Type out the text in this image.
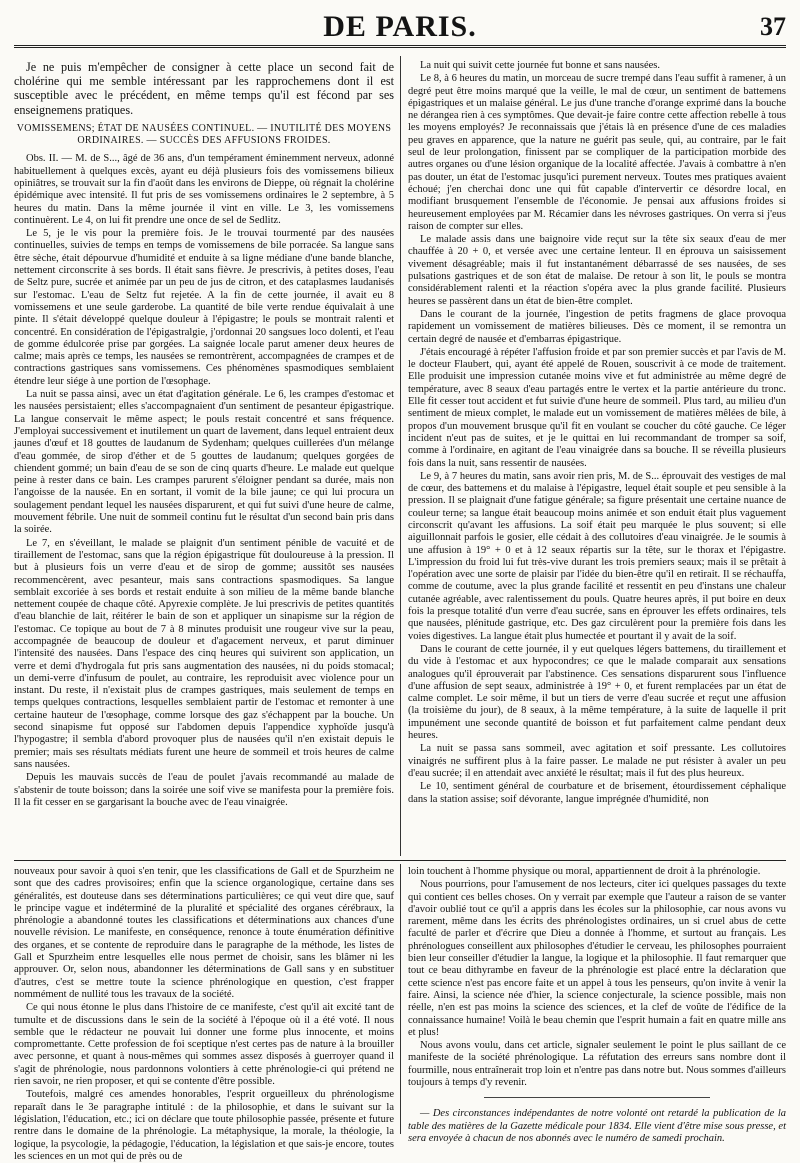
DE PARIS.	37

Je ne puis m'empêcher de consigner à cette place un second fait de cholérine qui me semble intéressant par les rapprochemens dont il est susceptible avec le précédent, en même temps qu'il est fécond par ses enseignemens pratiques.

VOMISSEMENS; ÉTAT DE NAUSÉES CONTINUEL. — INUTILITÉ DES MOYENS ORDINAIRES. — SUCCÈS DES AFFUSIONS FROIDES.

Obs. II. — M. de S..., âgé de 36 ans, d'un tempérament éminemment nerveux, adonné habituellement à quelques excès, ayant eu déjà plusieurs fois des vomissemens bilieux opiniâtres, se trouvait sur la fin d'août dans les environs de Dieppe, où régnait la cholérine épidémique avec intensité. Il fut pris de ses vomissemens ordinaires le 2 septembre, à 5 heures du matin. Dans la même journée il vint en ville. Le 3, les vomissemens continuèrent. Le 4, on lui fit prendre une once de sel de Sedlitz.

Le 5, je le vis pour la première fois. Je le trouvai tourmenté par des nausées continuelles, suivies de temps en temps de vomissemens de bile porracée. Sa langue sans être sèche, était dépourvue d'humidité et enduite à sa ligne médiane d'une bande blanche, nettement circonscrite à ses bords. Il était sans fièvre. Je prescrivis, à petites doses, l'eau de Seltz pure, sucrée et animée par un peu de jus de citron, et des cataplasmes laudanisés sur l'estomac. L'eau de Seltz fut rejetée. A la fin de cette journée, il avait eu 8 vomissemens et une seule garderobe. La quantité de bile verte rendue équivalait à une pinte. Il s'était développé quelque douleur à l'épigastre; le pouls se montrait ralenti et concentré. En considération de l'épigastralgie, j'ordonnai 20 sangsues loco dolenti, et l'eau de gomme édulcorée prise par gorgées. La saignée locale parut amener deux heures de calme; mais après ce temps, les nausées se remontrèrent, accompagnées de crampes et de contractions gastriques sans vomissemens. Ces phénomènes spasmodiques semblaient étendre leur siége à une portion de l'œsophage.

La nuit se passa ainsi, avec un état d'agitation générale. Le 6, les crampes d'estomac et les nausées persistaient; elles s'accompagnaient d'un sentiment de pesanteur épigastrique. La langue conservait le même aspect; le pouls restait concentré et sans fréquence. J'employai successivement et inutilement un quart de lavement, dans lequel entraient deux jaunes d'œuf et 18 gouttes de laudanum de Sydenham; quelques cuillerées d'un mélange d'eau gommée, de sirop d'éther et de 5 gouttes de laudanum; quelques gorgées de chiendent gommé; un bain d'eau de se son de cinq quarts d'heure. Le malade eut quelque peine à rester dans ce bain. Les crampes parurent s'éloigner pendant sa durée, mais non l'angoisse de la nausée. En en sortant, il vomit de la bile jaune; ce qui lui procura un soulagement pendant lequel les nausées disparurent, et qui fut suivi d'une heure de calme, mouvement fébrile. Une nuit de sommeil continu fut le résultat d'un second bain pris dans la soirée.

Le 7, en s'éveillant, le malade se plaignit d'un sentiment pénible de vacuité et de tiraillement de l'estomac, sans que la région épigastrique fût douloureuse à la pression. Il but à plusieurs fois un verre d'eau et de sirop de gomme; aussitôt ses nausées recommencèrent, avec pesanteur, mais sans contractions spasmodiques. Sa langue semblait excoriée à ses bords et restait enduite à son milieu de la même bande blanche nettement coupée de chaque côté. Apyrexie complète. Je lui prescrivis de petites quantités d'eau blanchie de lait, réitérer le bain de son et appliquer un sinapisme sur la région de l'estomac. Ce topique au bout de 7 à 8 minutes produisit une rougeur vive sur la peau, accompagnée de beaucoup de douleur et d'agacement nerveux, et parut diminuer l'intensité des nausées. Dans l'espace des cinq heures qui suivirent son application, un verre et demi d'hydrogala fut pris sans augmentation des nausées, ni du poids stomacal; un demi-verre d'infusum de poulet, au contraire, les reproduisit avec violence pour un instant. Du reste, il n'existait plus de crampes gastriques, mais seulement de temps en temps quelques contractions, lesquelles semblaient partir de l'estomac et remonter à une certaine hauteur de l'œsophage, comme lorsque des gaz s'échappent par la bouche. Un second sinapisme fut opposé sur l'abdomen depuis l'appendice xyphoïde jusqu'à l'hypogastre; il sembla d'abord provoquer plus de nausées qu'il n'en existait depuis le premier; mais ses résultats médiats furent une heure de sommeil et trois heures de calme sans nausées.

Depuis les mauvais succès de l'eau de poulet j'avais recommandé au malade de s'abstenir de toute boisson; dans la soirée une soif vive se manifesta pour la première fois. Il la fit cesser en se gargarisant la bouche avec de l'eau vinaigrée.

La nuit qui suivit cette journée fut bonne et sans nausées.

Le 8, à 6 heures du matin, un morceau de sucre trempé dans l'eau suffit à ramener, à un degré peut être moins marqué que la veille, le mal de cœur, un sentiment de battemens épigastriques et un malaise général. Le jus d'une tranche d'orange exprimé dans la bouche ne dérangea rien à ces symptômes. Que devait-je faire contre cette affection rebelle à tous les moyens employés? Je reconnaissais que j'étais là en présence d'une de ces maladies peu graves en apparence, que la nature ne guérit pas seule, qui, au contraire, par le fait seul de leur prolongation, finissent par se compliquer de la participation morbide des autres organes ou d'une lésion organique de la localité affectée. J'avais à combattre à n'en pas douter, un état de l'estomac jusqu'ici purement nerveux. Toutes mes pratiques avaient échoué; j'en cherchai donc une qui fût capable d'intervertir ce désordre local, en modifiant brusquement l'ensemble de l'économie. Je pensai aux affusions froides si heureusement employées par M. Récamier dans les névroses gastriques. On verra si j'eus raison de compter sur elles.

Le malade assis dans une baignoire vide reçut sur la tête six seaux d'eau de mer chauffée à 20 + 0, et versée avec une certaine lenteur. Il en éprouva un saisissement vivement désagréable; mais il fut instantanément débarrassé de ses nausées, de ses pulsations gastriques et de son état de malaise. De retour à son lit, le pouls se montra considérablement ralenti et la réaction s'opéra avec la plus grande facilité. Plusieurs heures se passèrent dans un état de bien-être complet.

Dans le courant de la journée, l'ingestion de petits fragmens de glace provoqua rapidement un vomissement de matières bilieuses. Dès ce moment, il se remontra un certain degré de nausée et d'embarras épigastrique.

J'étais encouragé à répéter l'affusion froide et par son premier succès et par l'avis de M. le docteur Flaubert, qui, ayant été appelé de Rouen, souscrivit à ce mode de traitement. Elle produisit une impression cutanée moins vive et fut administrée au même degré de température, avec 8 seaux d'eau partagés entre le vertex et la partie antérieure du tronc. Elle fit cesser tout accident et fut suivie d'une heure de sommeil. Plus tard, au milieu d'un sentiment de mieux complet, le malade eut un vomissement de matières mêlées de bile, à propos d'un mouvement brusque qu'il fit en voulant se coucher du côté gauche. Ce léger incident n'eut pas de suites, et je le quittai en lui recommandant de tromper sa soif, comme à l'ordinaire, en agitant de l'eau vinaigrée dans sa bouche. Il se réveilla plusieurs fois dans la nuit, sans ressentir de nausées.

Le 9, à 7 heures du matin, sans avoir rien pris, M. de S... éprouvait des vestiges de mal de cœur, des battemens et du malaise à l'épigastre, lequel était souple et peu sensible à la pression. Il se plaignait d'une fatigue générale; sa figure présentait une certaine nuance de couleur terne; sa langue était beaucoup moins animée et son enduit était plus vaguement circonscrit qu'avant les affusions. La soif était peu marquée le plus souvent; si elle aiguillonnait parfois le gosier, elle cédait à des collutoires d'eau vinaigrée. Je le soumis à une affusion à 19° + 0 et à 12 seaux répartis sur la tête, sur le thorax et l'épigastre. L'impression du froid lui fut très-vive durant les trois premiers seaux; mais il se prêtait à l'opération avec une sorte de plaisir par l'idée du bien-être qu'il en retirait. Il se réchauffa, comme de coutume, avec la plus grande facilité et ressentit en peu d'instans une chaleur cutanée agréable, avec ralentissement du pouls. Quatre heures après, il put boire en deux fois la presque totalité d'un verre d'eau sucrée, sans en éprouver les effets ordinaires, tels que nausées, plénitude gastrique, etc. Des gaz circulèrent pour la première fois dans les voies digestives. La langue était plus humectée et pourtant il y avait de la soif.

Dans le courant de cette journée, il y eut quelques légers battemens, du tiraillement et du vide à l'estomac et aux hypocondres; ce que le malade comparait aux sensations analogues qu'il éprouverait par l'abstinence. Ces sensations disparurent sous l'influence d'une affusion de sept seaux, administrée à 19° + 0, et furent remplacées par un état de calme complet. Le soir même, il but un tiers de verre d'eau sucrée et reçut une affusion (la troisième du jour), de 8 seaux, à la même température, à la suite de laquelle il prit impunément une seconde quantité de boisson et fut parfaitement calme pendant deux heures.

La nuit se passa sans sommeil, avec agitation et soif pressante. Les collutoires vinaigrés ne suffirent plus à la faire passer. Le malade ne put résister à avaler un peu d'eau sucrée; il en attendait avec anxiété le résultat; mais il fut des plus heureux.

Le 10, sentiment général de courbature et de brisement, étourdissement céphalique dans la station assise; soif dévorante, langue imprégnée d'humidité, non

nouveaux pour savoir à quoi s'en tenir, que les classifications de Gall et de Spurzheim ne sont que des cadres provisoires; enfin que la science organologique, certaine dans ses généralités, est douteuse dans ses déterminations particulières; ce qui veut dire que, sauf le principe vague et indéterminé de la pluralité et spécialité des organes cérébraux, la phrénologie a abandonné toutes les classifications et déterminations aux chances d'une nouvelle révision. Le manifeste, en conséquence, renonce à toute énumération définitive des organes, et se contente de reproduire dans le paragraphe de la méthode, les listes de Gall et Spurzheim entre lesquelles elle nous permet de choisir, sans les blâmer ni les approuver. Or, selon nous, abandonner les déterminations de Gall sans y en substituer d'autres, c'est se mettre toute la science phrénologique en question, c'est frapper nommément de nullité tous les travaux de la société.

Ce qui nous étonne le plus dans l'histoire de ce manifeste, c'est qu'il ait excité tant de tumulte et de discussions dans le sein de la société à l'époque où il a été voté. Il nous semble que le rédacteur ne pouvait lui donner une forme plus innocente, et moins compromettante. Cette profession de foi sceptique n'est certes pas de nature à la brouiller avec personne, et quant à nous-mêmes qui sommes assez disposés à guerroyer quand il s'agit de phrénologie, nous pardonnons volontiers à cette phrénologie-ci qui prétend ne rien savoir, ne rien proposer, et qui se contente d'être possible.

Toutefois, malgré ces amendes honorables, l'esprit orgueilleux du phrénologisme reparaît dans le 3e paragraphe intitulé : de la philosophie, et dans le suivant sur la législation, l'éducation, etc.; ici on déclare que toute philosophie passée, présente et future rentre dans le domaine de la phrénologie. La métaphysique, la morale, la théologie, la logique, la psycologie, la pédagogie, l'éducation, la législation et que sais-je encore, toutes les sciences en un mot qui de près ou de

loin touchent à l'homme physique ou moral, appartiennent de droit à la phrénologie.

Nous pourrions, pour l'amusement de nos lecteurs, citer ici quelques passages du texte qui contient ces belles choses. On y verrait par exemple que l'auteur a raison de se vanter d'avoir oublié tout ce qu'il a appris dans les écoles sur la philosophie, car nous avons vu rarement, même dans les écrits des phrénologistes ordinaires, un si cruel abus de cette faculté de parler et d'écrire que Dieu a donnée à l'homme, et surtout au français. Les phrénologues conseillent aux philosophes d'étudier le cerveau, les philosophes pourraient bien leur conseiller d'étudier la langue, la logique et la philosophie. Il faut remarquer que tout ce beau dithyrambe en faveur de la phrénologie est placé entre la déclaration que cette science n'est pas encore faite et un appel à tous les penseurs, qu'on invite à venir la faire. Ainsi, la science née d'hier, la science conjecturale, la science possible, mais non réelle, n'en est pas moins la science des sciences, et la clef de voûte de l'édifice de la connaissance humaine! Voilà le beau chemin que l'esprit humain a fait en quatre mille ans et plus!

Nous avons voulu, dans cet article, signaler seulement le point le plus saillant de ce manifeste de la société phrénologique. La réfutation des erreurs sans nombre dont il fourmille, nous entraînerait trop loin et n'entre pas dans notre but. Nous sommes d'ailleurs toujours à temps d'y revenir.

— Des circonstances indépendantes de notre volonté ont retardé la publication de la table des matières de la Gazette médicale pour 1834. Elle vient d'être mise sous presse, et sera envoyée à chacun de nos abonnés avec le numéro de samedi prochain.
